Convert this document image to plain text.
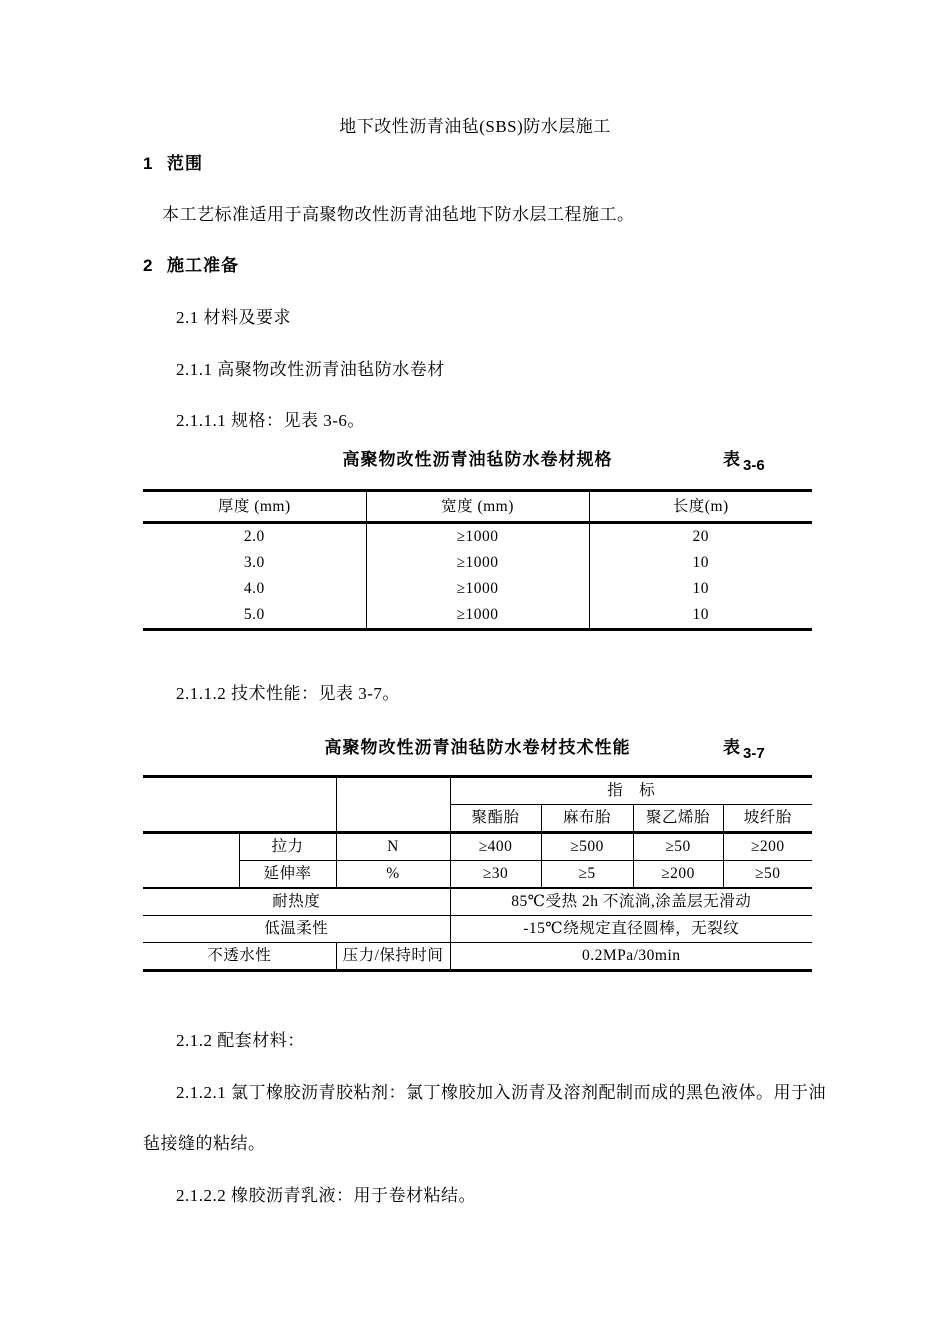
地下改性沥青油毡(SBS)防水层施工
1 范围
本工艺标准适用于高聚物改性沥青油毡地下防水层工程施工。
2 施工准备
2.1 材料及要求
2.1.1 高聚物改性沥青油毡防水卷材
2.1.1.1 规格：见表 3-6。
高聚物改性沥青油毡防水卷材规格	表 3-6
厚度 (mm)	宽度 (mm)	长度(m)
2.0	≥1000	20
3.0	≥1000	10
4.0	≥1000	10
5.0	≥1000	10
2.1.1.2 技术性能：见表 3-7。
高聚物改性沥青油毡防水卷材技术性能	表 3-7
			指　标			
			聚酯胎	麻布胎	聚乙烯胎	坡纤胎
	拉力	N	≥400	≥500	≥50	≥200
	延伸率	%	≥30	≥5	≥200	≥50
耐热度			85℃受热 2h 不流淌,涂盖层无滑动			
低温柔性			-15℃绕规定直径圆棒，无裂纹			
不透水性		压力/保持时间	0.2MPa/30min			
2.1.2 配套材料：
2.1.2.1 氯丁橡胶沥青胶粘剂：氯丁橡胶加入沥青及溶剂配制而成的黑色液体。用于油
毡接缝的粘结。
2.1.2.2 橡胶沥青乳液：用于卷材粘结。
